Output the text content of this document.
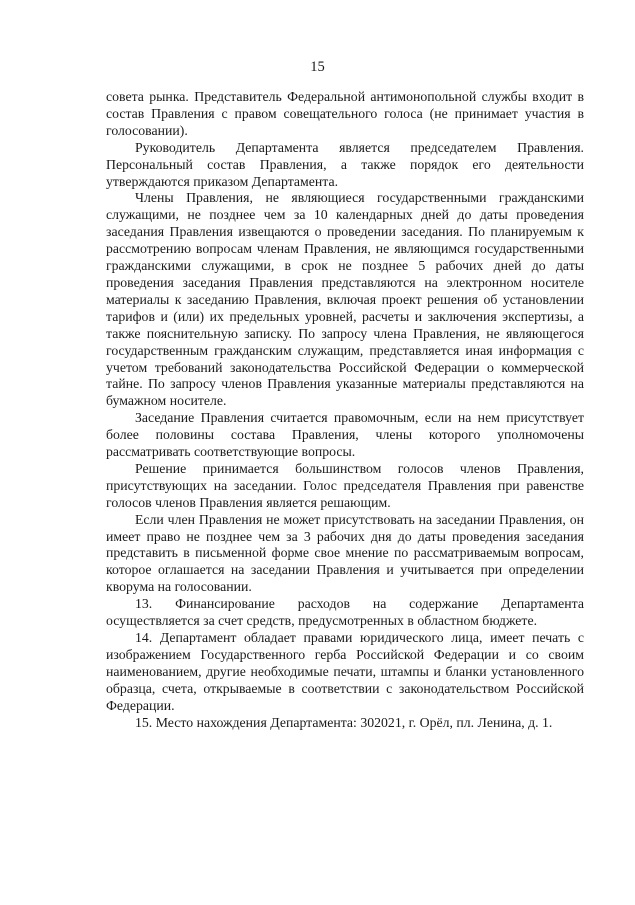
15

совета рынка. Представитель Федеральной антимонопольной службы входит в состав Правления с правом совещательного голоса (не принимает участия в голосовании).

Руководитель Департамента является председателем Правления. Персональный состав Правления, а также порядок его деятельности утверждаются приказом Департамента.

Члены Правления, не являющиеся государственными гражданскими служащими, не позднее чем за 10 календарных дней до даты проведения заседания Правления извещаются о проведении заседания. По планируемым к рассмотрению вопросам членам Правления, не являющимся государственными гражданскими служащими, в срок не позднее 5 рабочих дней до даты проведения заседания Правления представляются на электронном носителе материалы к заседанию Правления, включая проект решения об установлении тарифов и (или) их предельных уровней, расчеты и заключения экспертизы, а также пояснительную записку. По запросу члена Правления, не являющегося государственным гражданским служащим, представляется иная информация с учетом требований законодательства Российской Федерации о коммерческой тайне. По запросу членов Правления указанные материалы представляются на бумажном носителе.

Заседание Правления считается правомочным, если на нем присутствует более половины состава Правления, члены которого уполномочены рассматривать соответствующие вопросы.

Решение принимается большинством голосов членов Правления, присутствующих на заседании. Голос председателя Правления при равенстве голосов членов Правления является решающим.

Если член Правления не может присутствовать на заседании Правления, он имеет право не позднее чем за 3 рабочих дня до даты проведения заседания представить в письменной форме свое мнение по рассматриваемым вопросам, которое оглашается на заседании Правления и учитывается при определении кворума на голосовании.

13. Финансирование расходов на содержание Департамента осуществляется за счет средств, предусмотренных в областном бюджете.

14. Департамент обладает правами юридического лица, имеет печать с изображением Государственного герба Российской Федерации и со своим наименованием, другие необходимые печати, штампы и бланки установленного образца, счета, открываемые в соответствии с законодательством Российской Федерации.

15. Место нахождения Департамента: 302021, г. Орёл, пл. Ленина, д. 1.
